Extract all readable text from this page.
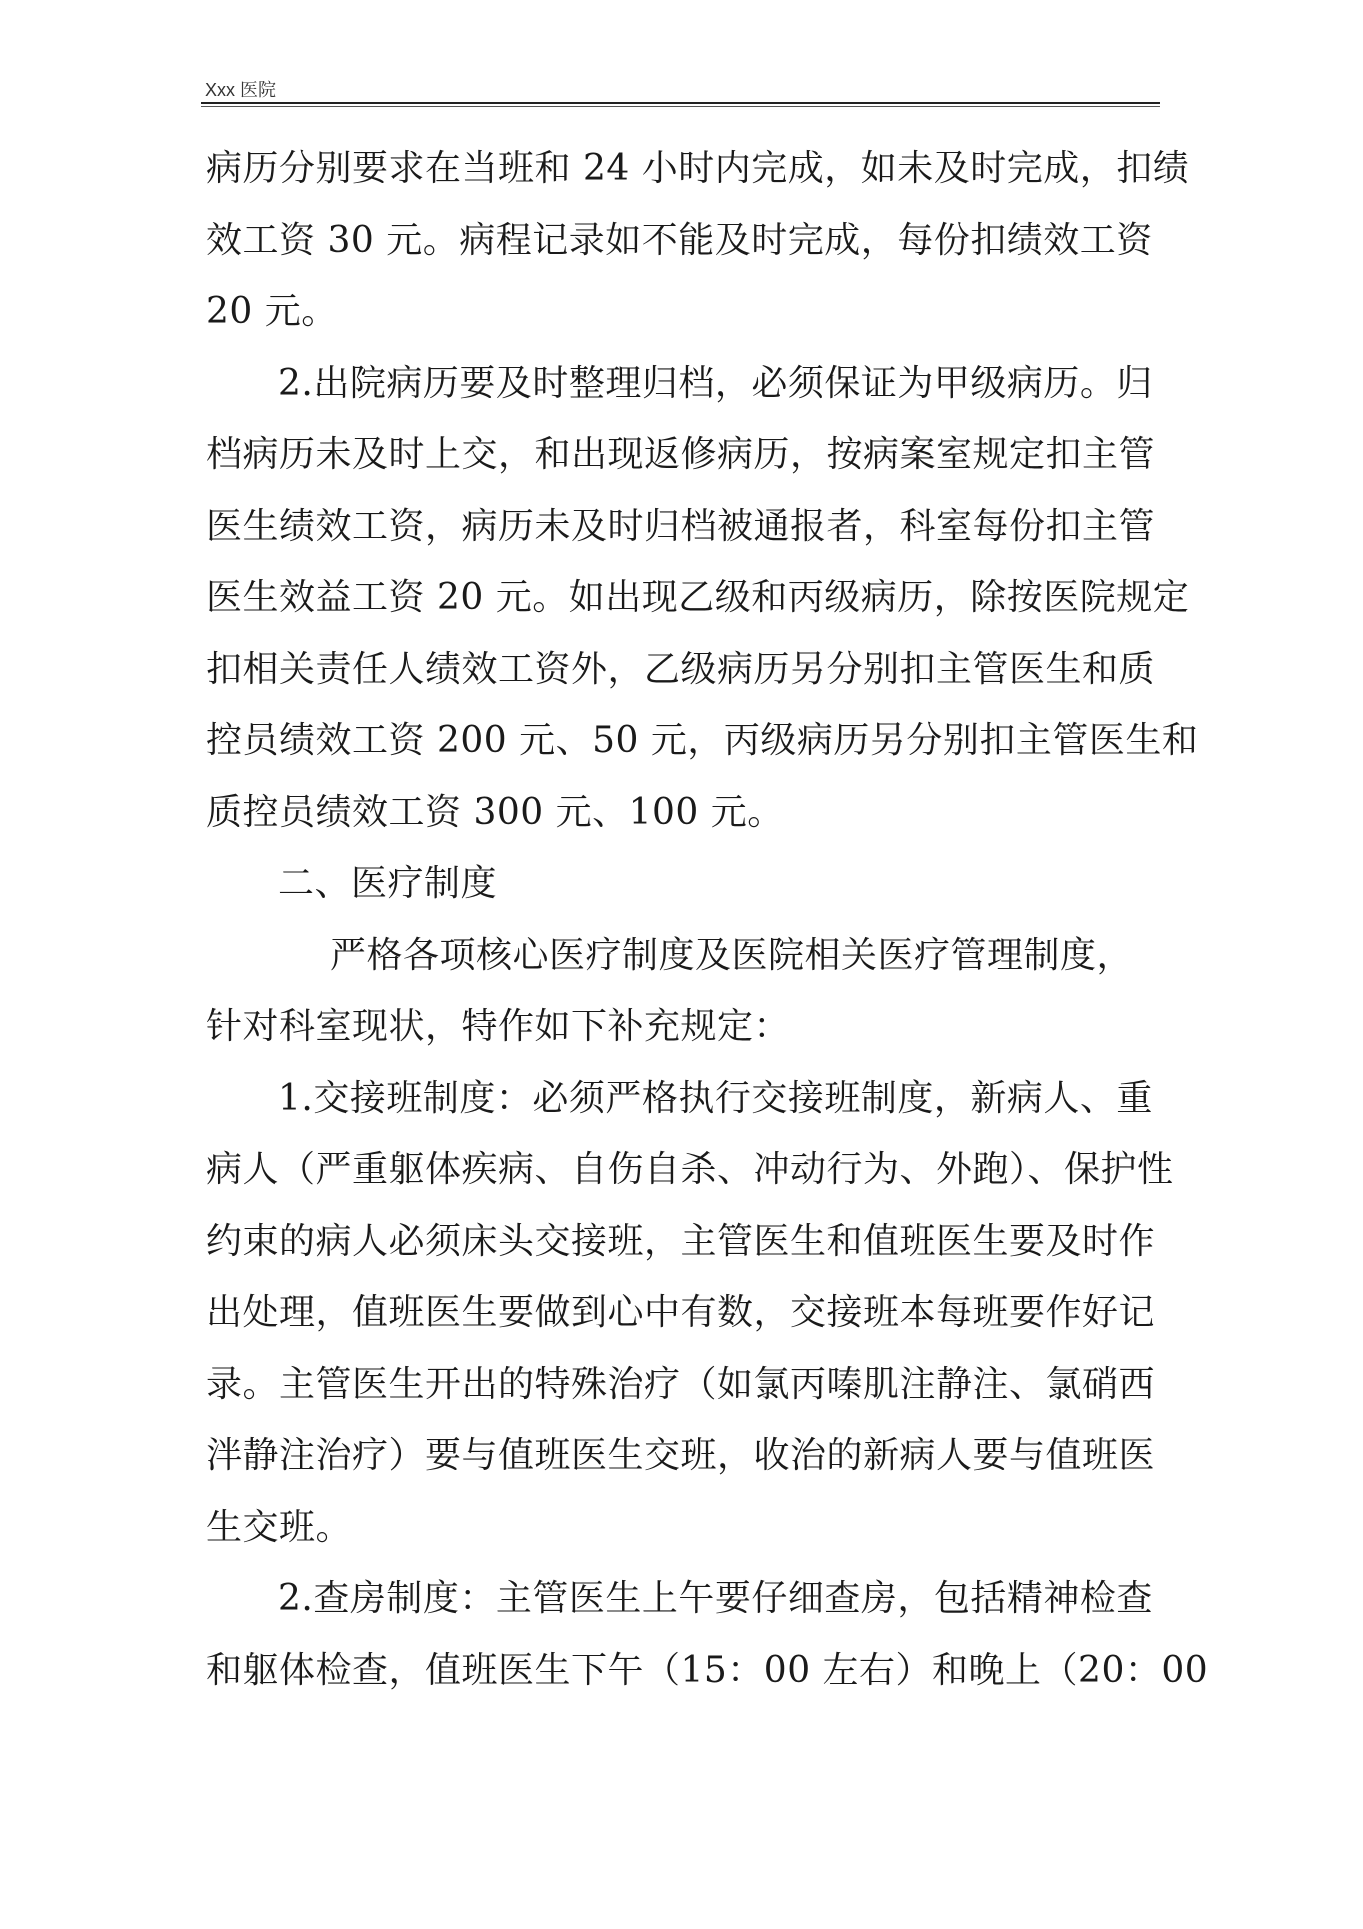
Xxx 医院
病历分别要求在当班和 24 小时内完成，如未及时完成，扣绩
效工资 30 元。病程记录如不能及时完成，每份扣绩效工资
20 元。
2.出院病历要及时整理归档，必须保证为甲级病历。归
档病历未及时上交，和出现返修病历，按病案室规定扣主管
医生绩效工资，病历未及时归档被通报者，科室每份扣主管
医生效益工资 20 元。如出现乙级和丙级病历，除按医院规定
扣相关责任人绩效工资外，乙级病历另分别扣主管医生和质
控员绩效工资 200 元、50 元，丙级病历另分别扣主管医生和
质控员绩效工资 300 元、100 元。
二、医疗制度
严格各项核心医疗制度及医院相关医疗管理制度，
针对科室现状，特作如下补充规定：
1.交接班制度：必须严格执行交接班制度，新病人、重
病人（严重躯体疾病、自伤自杀、冲动行为、外跑）、保护性
约束的病人必须床头交接班，主管医生和值班医生要及时作
出处理，值班医生要做到心中有数，交接班本每班要作好记
录。主管医生开出的特殊治疗（如氯丙嗪肌注静注、氯硝西
泮静注治疗）要与值班医生交班，收治的新病人要与值班医
生交班。
2.查房制度：主管医生上午要仔细查房，包括精神检查
和躯体检查，值班医生下午（15：00 左右）和晚上（20：00
